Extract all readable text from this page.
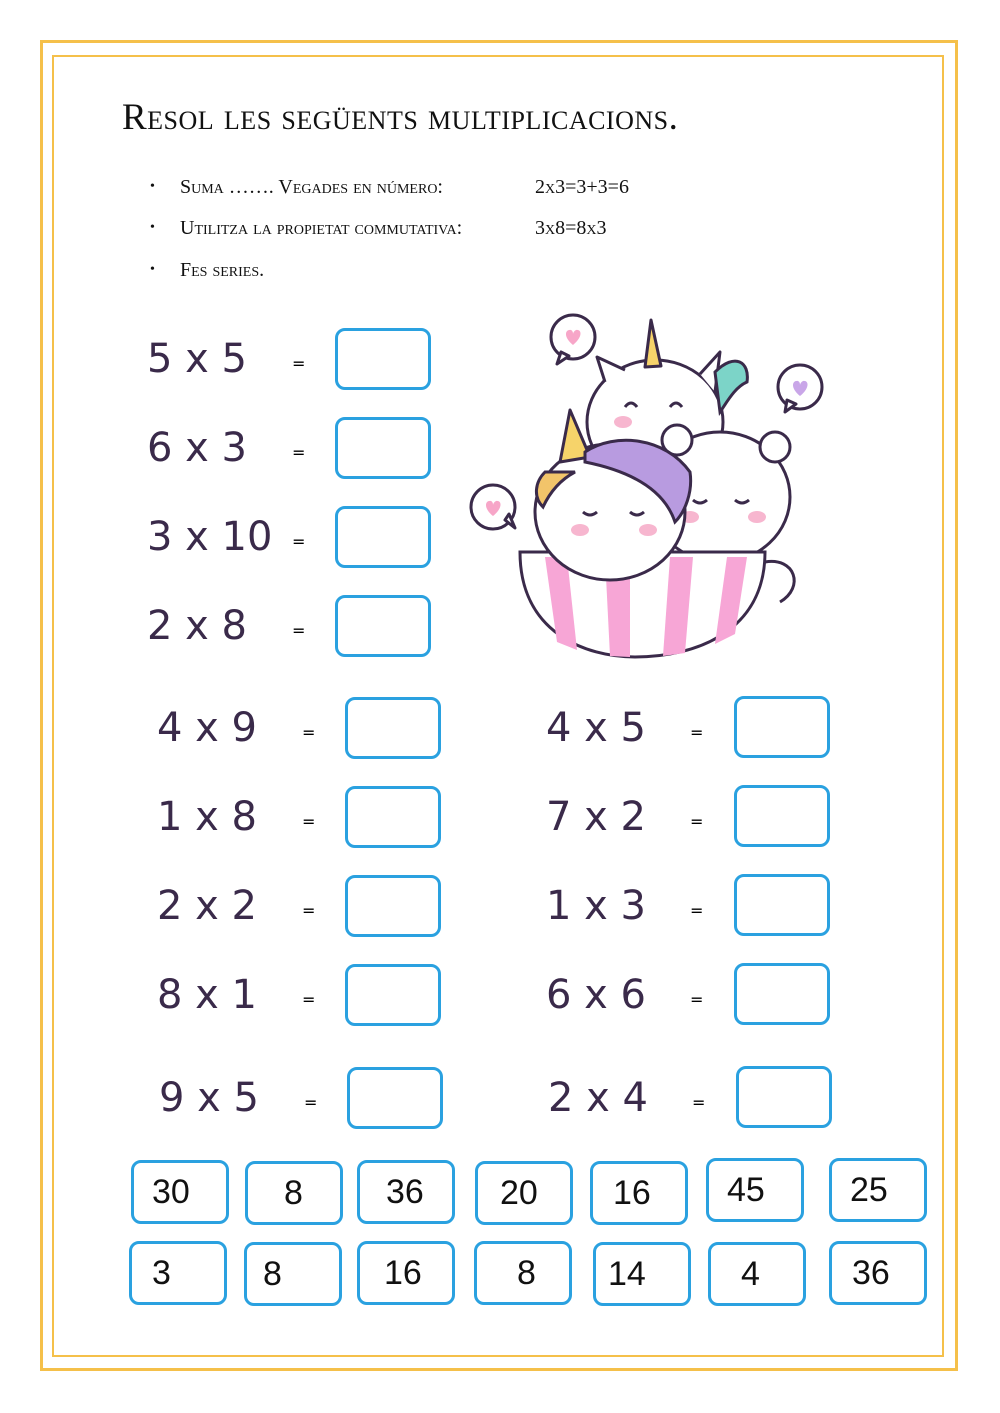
Resol les següents multiplicacions.
•	Suma ……. Vegades en número:	2x3=3+3=6
•	Utilitza la propietat commutativa:	3x8=8x3
•	Fes series.
5 x 5	=
6 x 3	=
3 x 10 =
2 x 8	=
4 x 9	=
1 x 8	=
2 x 2	=
8 x 1	=
9 x 5	=
4 x 5	=
7 x 2	=
1 x 3	=
6 x 6	=
2 x 4	=
30	8	36	20	16	45	25
3	8	16	8	14	4	36
